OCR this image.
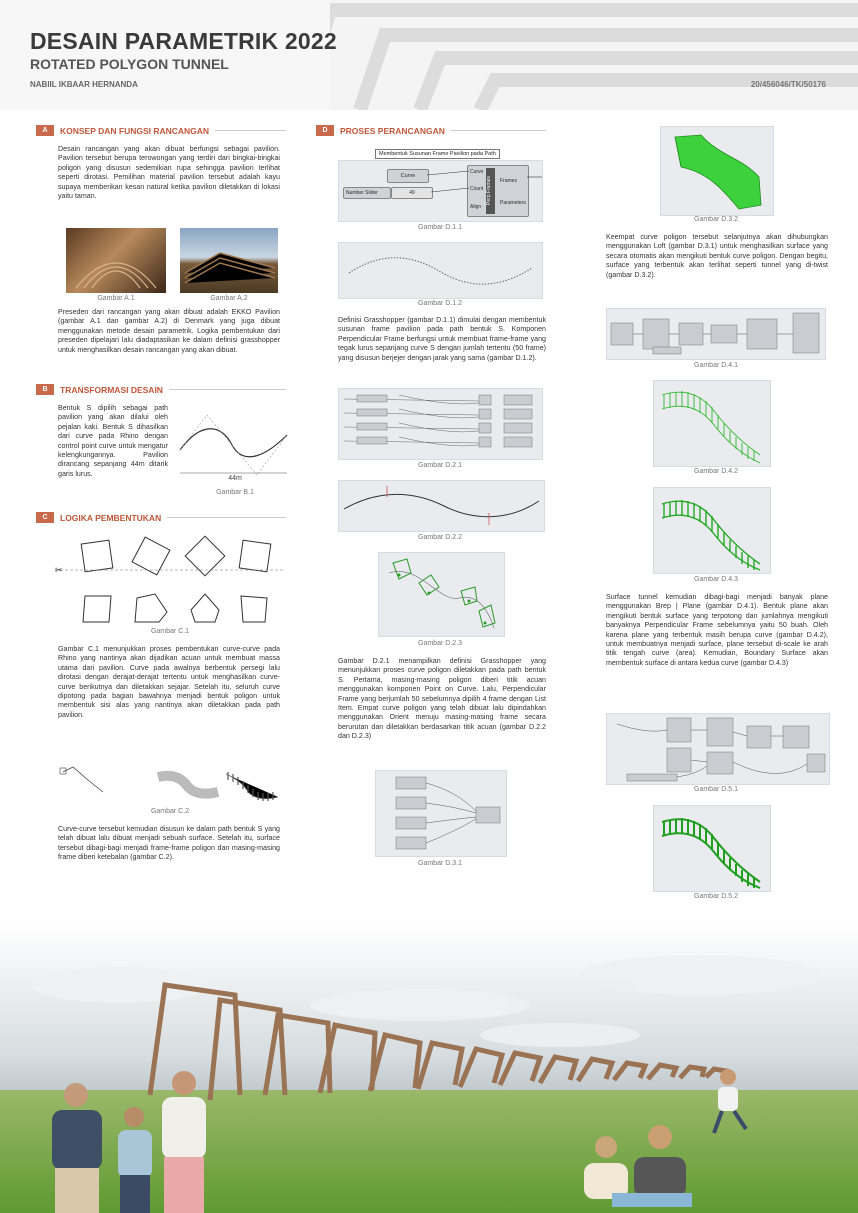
DESAIN PARAMETRIK 2022
ROTATED POLYGON TUNNEL
NABIIL IKBAAR HERNANDA	20/456046/TK/50176
A	KONSEP DAN FUNGSI RANCANGAN
Desain rancangan yang akan dibuat berfungsi sebagai pavilion. Pavilion tersebut berupa terowongan yang terdiri dari bingkai-bingkai poligon yang disusun sedemikian rupa sehingga pavilion terlihat seperti dirotasi. Pemilihan material pavilion tersebut adalah kayu supaya memberikan kesan natural ketika pavilion diletakkan di lokasi yaitu taman.
Gambar A.1	Gambar A.2
Preseden dari rancangan yang akan dibuat adalah EKKO Pavilion (gambar A.1 dan gambar A.2) di Denmark yang juga dibuat menggunakan metode desain parametrik. Logika pembentukan dari preseden dipelajari lalu diadaptasikan ke dalam definisi grasshopper untuk menghasilkan desain rancangan yang akan dibuat.
B	TRANSFORMASI DESAIN
Bentuk S dipilih sebagai path pavilion yang akan dilalui oleh pejalan kaki. Bentuk S dihasilkan dari curve pada Rhino dengan control point curve untuk mengatur kelengkungannya. Pavilion dirancang sepanjang 44m ditarik garis lurus.
44m
Gambar B.1
C	LOGIKA PEMBENTUKAN
✂
Gambar C.1
Gambar C.1 menunjukkan proses pembentukan curve-curve pada Rhino yang nantinya akan dijadikan acuan untuk membuat massa utama dari pavilion. Curve pada awalnya berbentuk persegi lalu dirotasi dengan derajat-derajat tertentu untuk menghasilkan curve-curve berikutnya dan diletakkan sejajar. Setelah itu, seluruh curve dipotong pada bagian bawahnya menjadi bentuk poligon untuk membentuk sisi alas yang nantinya akan diletakkan pada path pavilion.
Gambar C.2
Curve-curve tersebut kemudian disusun ke dalam path bentuk S yang telah dibuat lalu dibuat menjadi sebuah surface. Setelah itu, surface tersebut dibagi-bagi menjadi frame-frame poligon dan masing-masing frame diberi ketebalan (gambar C.2).
D	PROSES PERANCANGAN
Membentuk Susunan Frame Pavilion pada Path
Curve
Number Slider	49
Curve
Count
Align
Perp Frames	Frames
Parameters
Gambar D.1.1
Gambar D.1.2
Definisi Grasshopper (gambar D.1.1) dimulai dengan membentuk susunan frame pavilion pada path bentuk S. Komponen Perpendicular Frame berfungsi untuk membuat frame-frame yang tegak lurus sepanjang curve S dengan jumlah tertentu (50 frame) yang disusun berjejer dengan jarak yang sama (gambar D.1.2).
Gambar D.2.1
Gambar D.2.2
Gambar D.2.3
Gambar D.2.1 menampilkan definisi Grasshopper yang menunjukkan proses curve poligon diletakkan pada path bentuk S. Pertama, masing-masing poligon diberi titik acuan menggunakan komponen Point on Curve. Lalu, Perpendicular Frame yang berjumlah 50 sebelumnya dipilih 4 frame dengan List Item. Empat curve poligon yang telah dibuat lalu dipindahkan menggunakan Orient menuju masing-masing frame secara berurutan dan diletakkan berdasarkan titik acuan (gambar D.2.2 dan D.2.3)
Gambar D.3.1
Gambar D.3.2
Keempat curve poligon tersebut selanjutnya akan dihubungkan menggunakan Loft (gambar D.3.1) untuk menghasilkan surface yang secara otomatis akan mengikuti bentuk curve poligon. Dengan begitu, surface yang terbentuk akan terlihat seperti tunnel yang di-twist (gambar D.3.2).
Gambar D.4.1
Gambar D.4.2
Gambar D.4.3
Surface tunnel kemudian dibagi-bagi menjadi banyak plane menggunakan Brep | Plane (gambar D.4.1). Bentuk plane akan mengikuti bentuk surface yang terpotong dan jumlahnya mengikuti banyaknya Perpendicular Frame sebelumnya yaitu 50 buah. Oleh karena plane yang terbentuk masih berupa curve (gambar D.4.2), untuk membuatnya menjadi surface, plane tersebut di-scale ke arah titik tengah curve (area). Kemudian, Boundary Surface akan membentuk surface di antara kedua curve (gambar D.4.3)
Gambar D.5.1
Gambar D.5.2
